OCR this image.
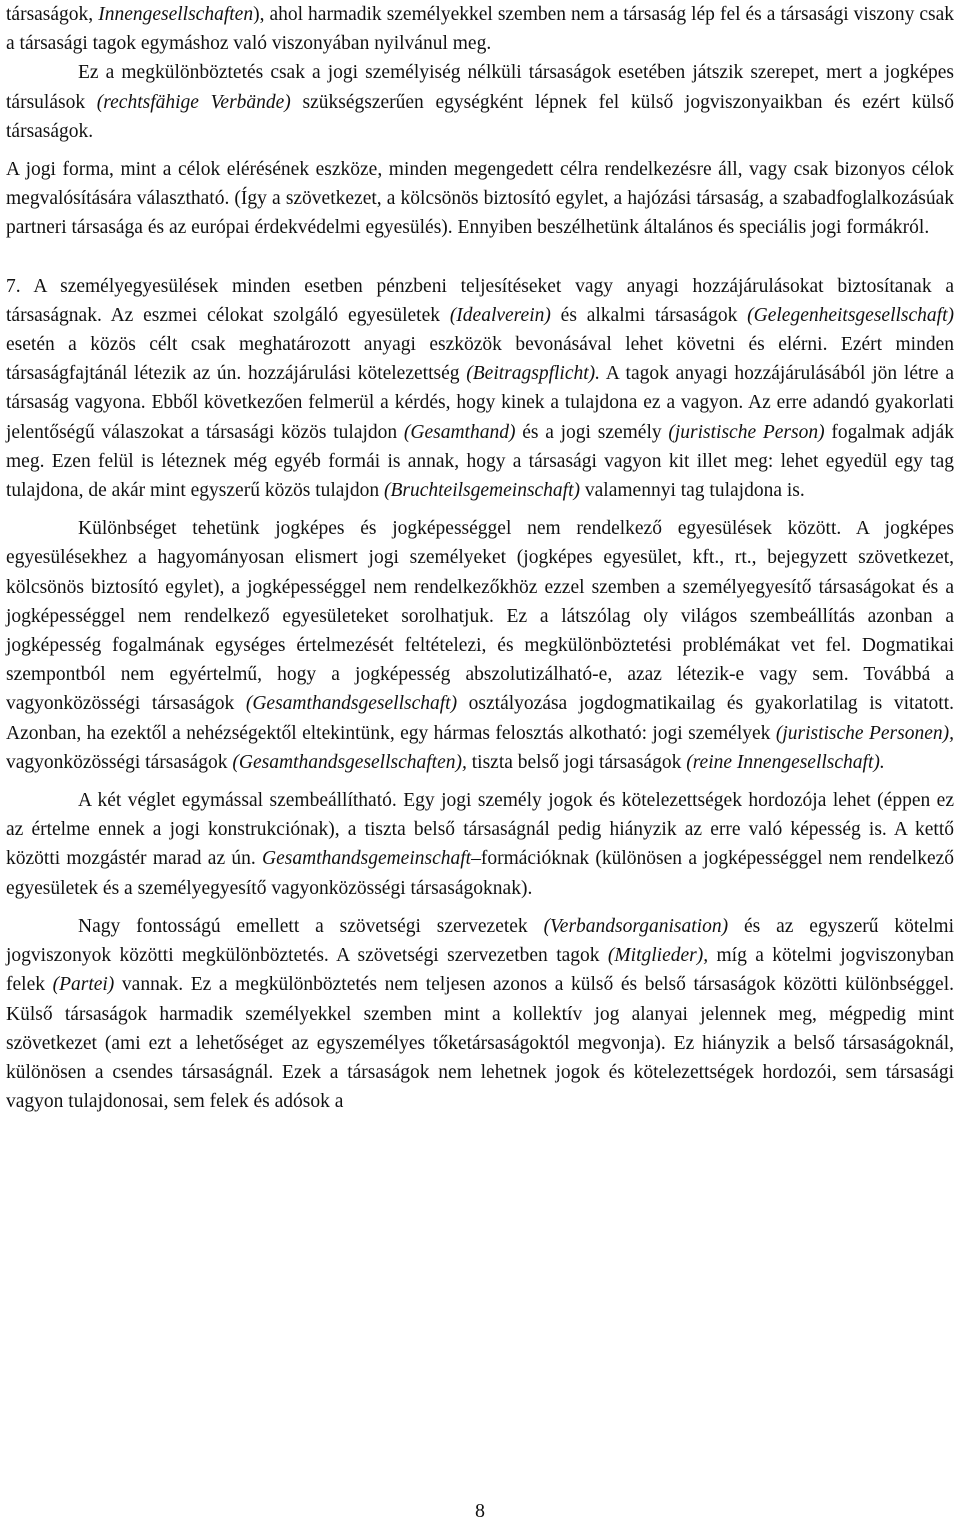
társaságok, Innengesellschaften), ahol harmadik személyekkel szemben nem a társaság lép fel és a társasági viszony csak a társasági tagok egymáshoz való viszonyában nyilvánul meg.

Ez a megkülönböztetés csak a jogi személyiség nélküli társaságok esetében játszik szerepet, mert a jogképes társulások (rechtsfähige Verbände) szükségszerűen egységként lépnek fel külső jogviszonyaikban és ezért külső társaságok.

A jogi forma, mint a célok elérésének eszköze, minden megengedett célra rendelkezésre áll, vagy csak bizonyos célok megvalósítására választható. (Így a szövetkezet, a kölcsönös biztosító egylet, a hajózási társaság, a szabadfoglalkozásúak partneri társasága és az európai érdekvédelmi egyesülés). Ennyiben beszélhetünk általános és speciális jogi formákról.

7. A személyegyesülések minden esetben pénzbeni teljesítéseket vagy anyagi hozzájárulásokat biztosítanak a társaságnak. Az eszmei célokat szolgáló egyesületek (Idealverein) és alkalmi társaságok (Gelegenheitsgesellschaft) esetén a közös célt csak meghatározott anyagi eszközök bevonásával lehet követni és elérni. Ezért minden társaságfajtánál létezik az ún. hozzájárulási kötelezettség (Beitragspflicht). A tagok anyagi hozzájárulásából jön létre a társaság vagyona. Ebből következően felmerül a kérdés, hogy kinek a tulajdona ez a vagyon. Az erre adandó gyakorlati jelentőségű válaszokat a társasági közös tulajdon (Gesamthand) és a jogi személy (juristische Person) fogalmak adják meg. Ezen felül is léteznek még egyéb formái is annak, hogy a társasági vagyon kit illet meg: lehet egyedül egy tag tulajdona, de akár mint egyszerű közös tulajdon (Bruchteilsgemeinschaft) valamennyi tag tulajdona is.

Különbséget tehetünk jogképes és jogképességgel nem rendelkező egyesülések között. A jogképes egyesülésekhez a hagyományosan elismert jogi személyeket (jogképes egyesület, kft., rt., bejegyzett szövetkezet, kölcsönös biztosító egylet), a jogképességgel nem rendelkezőkhöz ezzel szemben a személyegyesítő társaságokat és a jogképességgel nem rendelkező egyesületeket sorolhatjuk. Ez a látszólag oly világos szembeállítás azonban a jogképesség fogalmának egységes értelmezését feltételezi, és megkülönböztetési problémákat vet fel. Dogmatikai szempontból nem egyértelmű, hogy a jogképesség abszolutizálható-e, azaz létezik-e vagy sem. Továbbá a vagyonközösségi társaságok (Gesamthandsgesellschaft) osztályozása jogdogmatikailag és gyakorlatilag is vitatott. Azonban, ha ezektől a nehézségektől eltekintünk, egy hármas felosztás alkotható: jogi személyek (juristische Personen), vagyonközösségi társaságok (Gesamthandsgesellschaften), tiszta belső jogi társaságok (reine Innengesellschaft).

A két véglet egymással szembeállítható. Egy jogi személy jogok és kötelezettségek hordozója lehet (éppen ez az értelme ennek a jogi konstrukciónak), a tiszta belső társaságnál pedig hiányzik az erre való képesség is. A kettő közötti mozgástér marad az ún. Gesamthandsgemeinschaft–formációknak (különösen a jogképességgel nem rendelkező egyesületek és a személyegyesítő vagyonközösségi társaságoknak).

Nagy fontosságú emellett a szövetségi szervezetek (Verbandsorganisation) és az egyszerű kötelmi jogviszonyok közötti megkülönböztetés. A szövetségi szervezetben tagok (Mitglieder), míg a kötelmi jogviszonyban felek (Partei) vannak. Ez a megkülönböztetés nem teljesen azonos a külső és belső társaságok közötti különbséggel. Külső társaságok harmadik személyekkel szemben mint a kollektív jog alanyai jelennek meg, mégpedig mint szövetkezet (ami ezt a lehetőséget az egyszemélyes tőketársaságoktól megvonja). Ez hiányzik a belső társaságoknál, különösen a csendes társaságnál. Ezek a társaságok nem lehetnek jogok és kötelezettségek hordozói, sem társasági vagyon tulajdonosai, sem felek és adósok a

8
